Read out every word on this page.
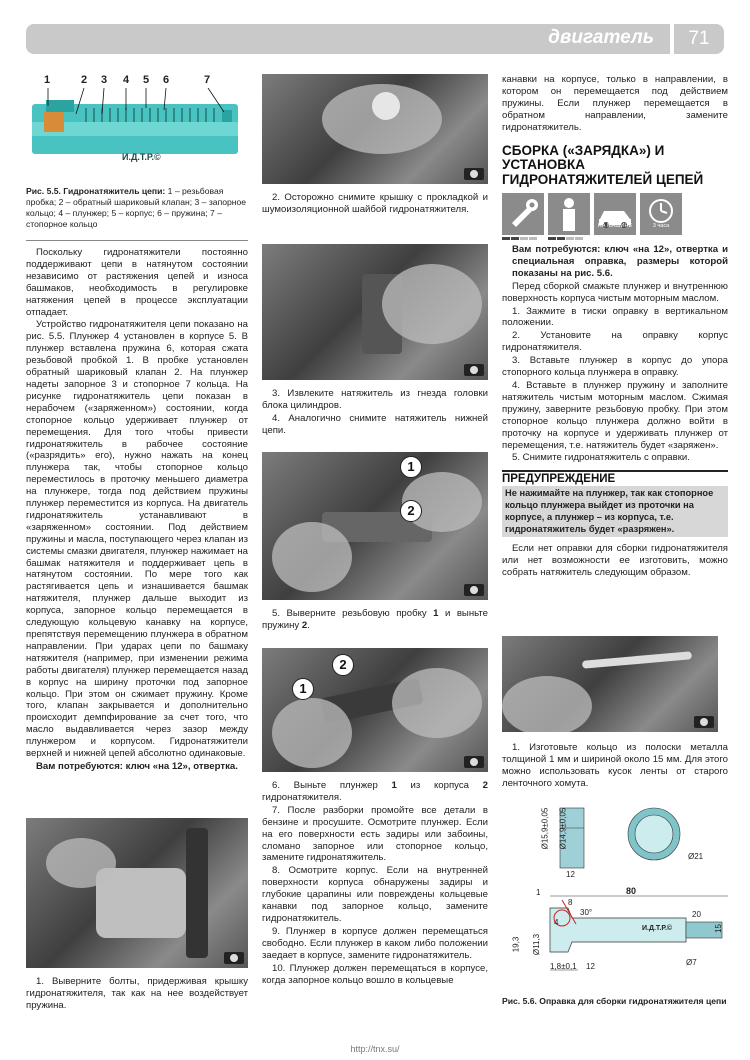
двигатель	71
1	2 3 4 5 6	7
И.Д.Т.Р.©
Рис. 5.5. Гидронатяжитель цепи: 1 – резьбовая пробка; 2 – обратный шариковый клапан; 3 – запорное кольцо; 4 – плунжер; 5 – корпус; 6 – пружина; 7 – стопорное кольцо

Поскольку гидронатяжители постоянно поддерживают цепи в натянутом состоянии независимо от растяжения цепей и износа башмаков, необходимость в регулировке натяжения цепей в процессе эксплуатации отпадает.

Устройство гидронатяжителя цепи показано на рис. 5.5. Плунжер 4 установлен в корпусе 5. В плунжер вставлена пружина 6, которая сжата резьбовой пробкой 1. В пробке установлен обратный шариковый клапан 2. На плунжер надеты запорное 3 и стопорное 7 кольца. На рисунке гидронатяжитель цепи показан в нерабочем («заряженном») состоянии, когда стопорное кольцо удерживает плунжер от перемещения. Для того чтобы привести гидронатяжитель в рабочее состояние («разрядить» его), нужно нажать на конец плунжера так, чтобы стопорное кольцо переместилось в проточку меньшего диаметра на плунжере, тогда под действием пружины плунжер переместится из корпуса. На двигатель гидронатяжитель устанавливают в «заряженном» состоянии. Под действием пружины и масла, поступающего через клапан из системы смазки двигателя, плунжер нажимает на башмак натяжителя и поддерживает цепь в натянутом состоянии. По мере того как растягивается цепь и изнашивается башмак натяжителя, плунжер дальше выходит из корпуса, запорное кольцо перемещается в следующую кольцевую канавку на корпусе, препятствуя перемещению плунжера в обратном направлении. При ударах цепи по башмаку натяжителя (например, при изменении режима работы двигателя) плунжер перемещается назад в корпус на ширину проточки под запорное кольцо. При этом он сжимает пружину. Кроме того, клапан закрывается и дополнительно происходит демпфирование за счет того, что масло выдавливается через зазор между плунжером и корпусом. Гидронатяжители верхней и нижней цепей абсолютно одинаковые.

Вам потребуются: ключ «на 12», отвертка.

1. Выверните болты, придерживая крышку гидронатяжителя, так как на нее воздействует пружина.

2. Осторожно снимите крышку с прокладкой и шумоизоляционной шайбой гидронатяжителя.

3. Извлеките натяжитель из гнезда головки блока цилиндров.

4. Аналогично снимите натяжитель нижней цепи.

1
2

5. Выверните резьбовую пробку 1 и выньте пружину 2.

1
2

6. Выньте плунжер 1 из корпуса 2 гидронатяжителя.

7. После разборки промойте все детали в бензине и просушите. Осмотрите плунжер. Если на его поверхности есть задиры или забоины, сломано запорное или стопорное кольцо, замените гидронатяжитель.

8. Осмотрите корпус. Если на внутренней поверхности корпуса обнаружены задиры и глубокие царапины или повреждены кольцевые канавки под запорное кольцо, замените гидронатяжитель.

9. Плунжер в корпусе должен перемещаться свободно. Если плунжер в каком либо положении заедает в корпусе, замените гидронатяжитель.

10. Плунжер должен перемещаться в корпусе, когда запорное кольцо вошло в кольцевые

канавки на корпусе, только в направлении, в котором он перемещается под действием пружины. Если плунжер перемещается в обратном направлении, замените гидронатяжитель.

СБОРКА («ЗАРЯДКА») И УСТАНОВКА ГИДРОНАТЯЖИТЕЛЕЙ ЦЕПЕЙ
НА МАШИНЕ	3 часа

Вам потребуются: ключ «на 12», отвертка и специальная оправка, размеры которой показаны на рис. 5.6.

Перед сборкой смажьте плунжер и внутреннюю поверхность корпуса чистым моторным маслом.

1. Зажмите в тиски оправку в вертикальном положении.

2. Установите на оправку корпус гидронатяжителя.

3. Вставьте плунжер в корпус до упора стопорного кольца плунжера в оправку.

4. Вставьте в плунжер пружину и заполните натяжитель чистым моторным маслом. Сжимая пружину, заверните резьбовую пробку. При этом стопорное кольцо плунжера должно войти в проточку на корпусе и удерживать плунжер от перемещения, т.е. натяжитель будет «заряжен».

5. Снимите гидронатяжитель с оправки.

ПРЕДУПРЕЖДЕНИЕ
Не нажимайте на плунжер, так как стопорное кольцо плунжера выйдет из проточки на корпусе, а плунжер – из корпуса, т.е. гидронатяжитель будет «разряжен».

Если нет оправки для сборки гидронатяжителя или нет возможности ее изготовить, можно собрать натяжитель следующим образом.

1. Изготовьте кольцо из полоски металла толщиной 1 мм и шириной около 15 мм. Для этого можно использовать кусок ленты от старого ленточного хомута.

Ø15,9±0,05 Ø14,9±0,05
12
Ø21
80
8
4
30°	20
19,3 Ø11,3
1,8±0,1 12	Ø7
15
1
И.Д.Т.Р.©
Рис. 5.6. Оправка для сборки гидронатяжителя цепи
http://tnx.su/
